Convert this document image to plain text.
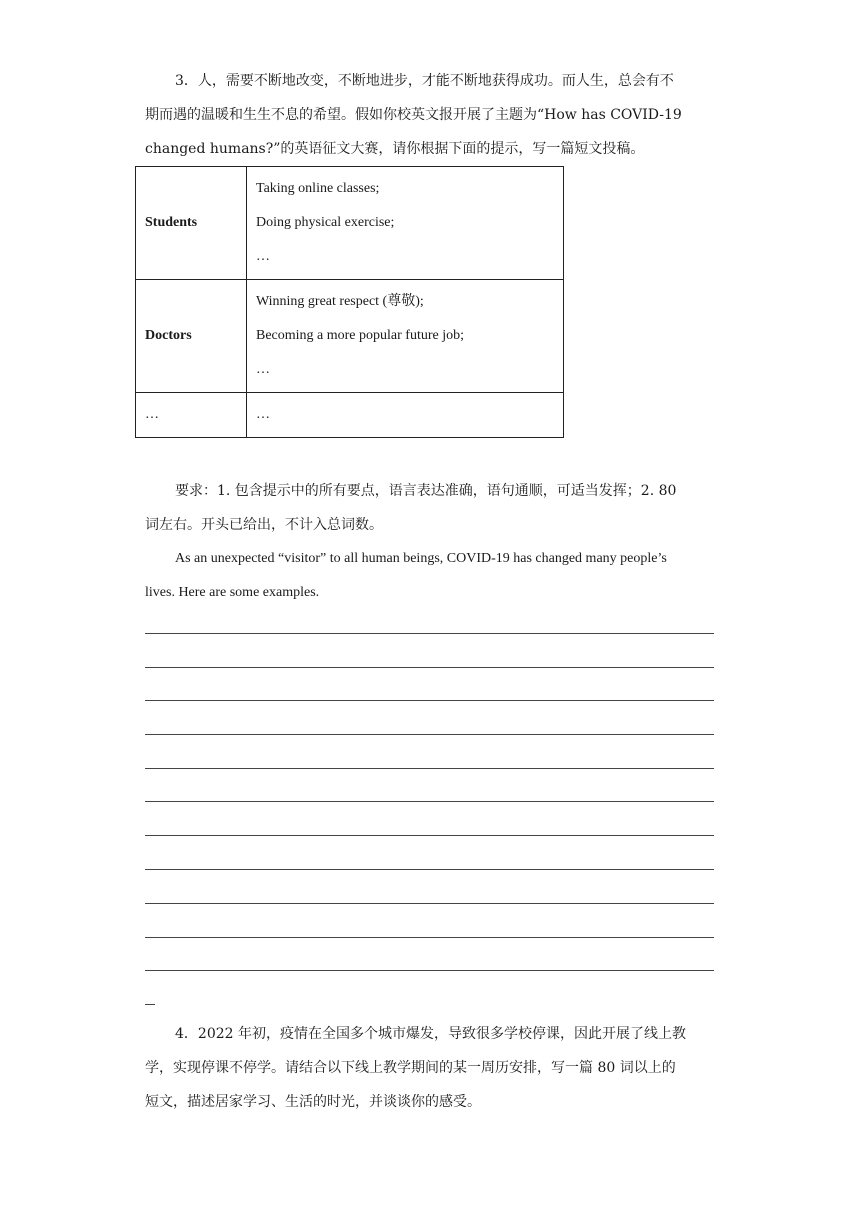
3．人，需要不断地改变，不断地进步，才能不断地获得成功。而人生，总会有不
期而遇的温暖和生生不息的希望。假如你校英文报开展了主题为“How has COVID-19
changed humans?”的英语征文大赛，请你根据下面的提示，写一篇短文投稿。
Students	Taking online classes;
Doing physical exercise;
…

Doctors	Winning great respect (尊敬);
Becoming a more popular future job;
…

…	…
要求：1. 包含提示中的所有要点，语言表达准确，语句通顺，可适当发挥；2. 80
词左右。开头已给出，不计入总词数。
As an unexpected “visitor” to all human beings, COVID-19 has changed many people’s
lives. Here are some examples.
4．2022 年初，疫情在全国多个城市爆发，导致很多学校停课，因此开展了线上教
学，实现停课不停学。请结合以下线上教学期间的某一周历安排，写一篇 80 词以上的
短文，描述居家学习、生活的时光，并谈谈你的感受。
